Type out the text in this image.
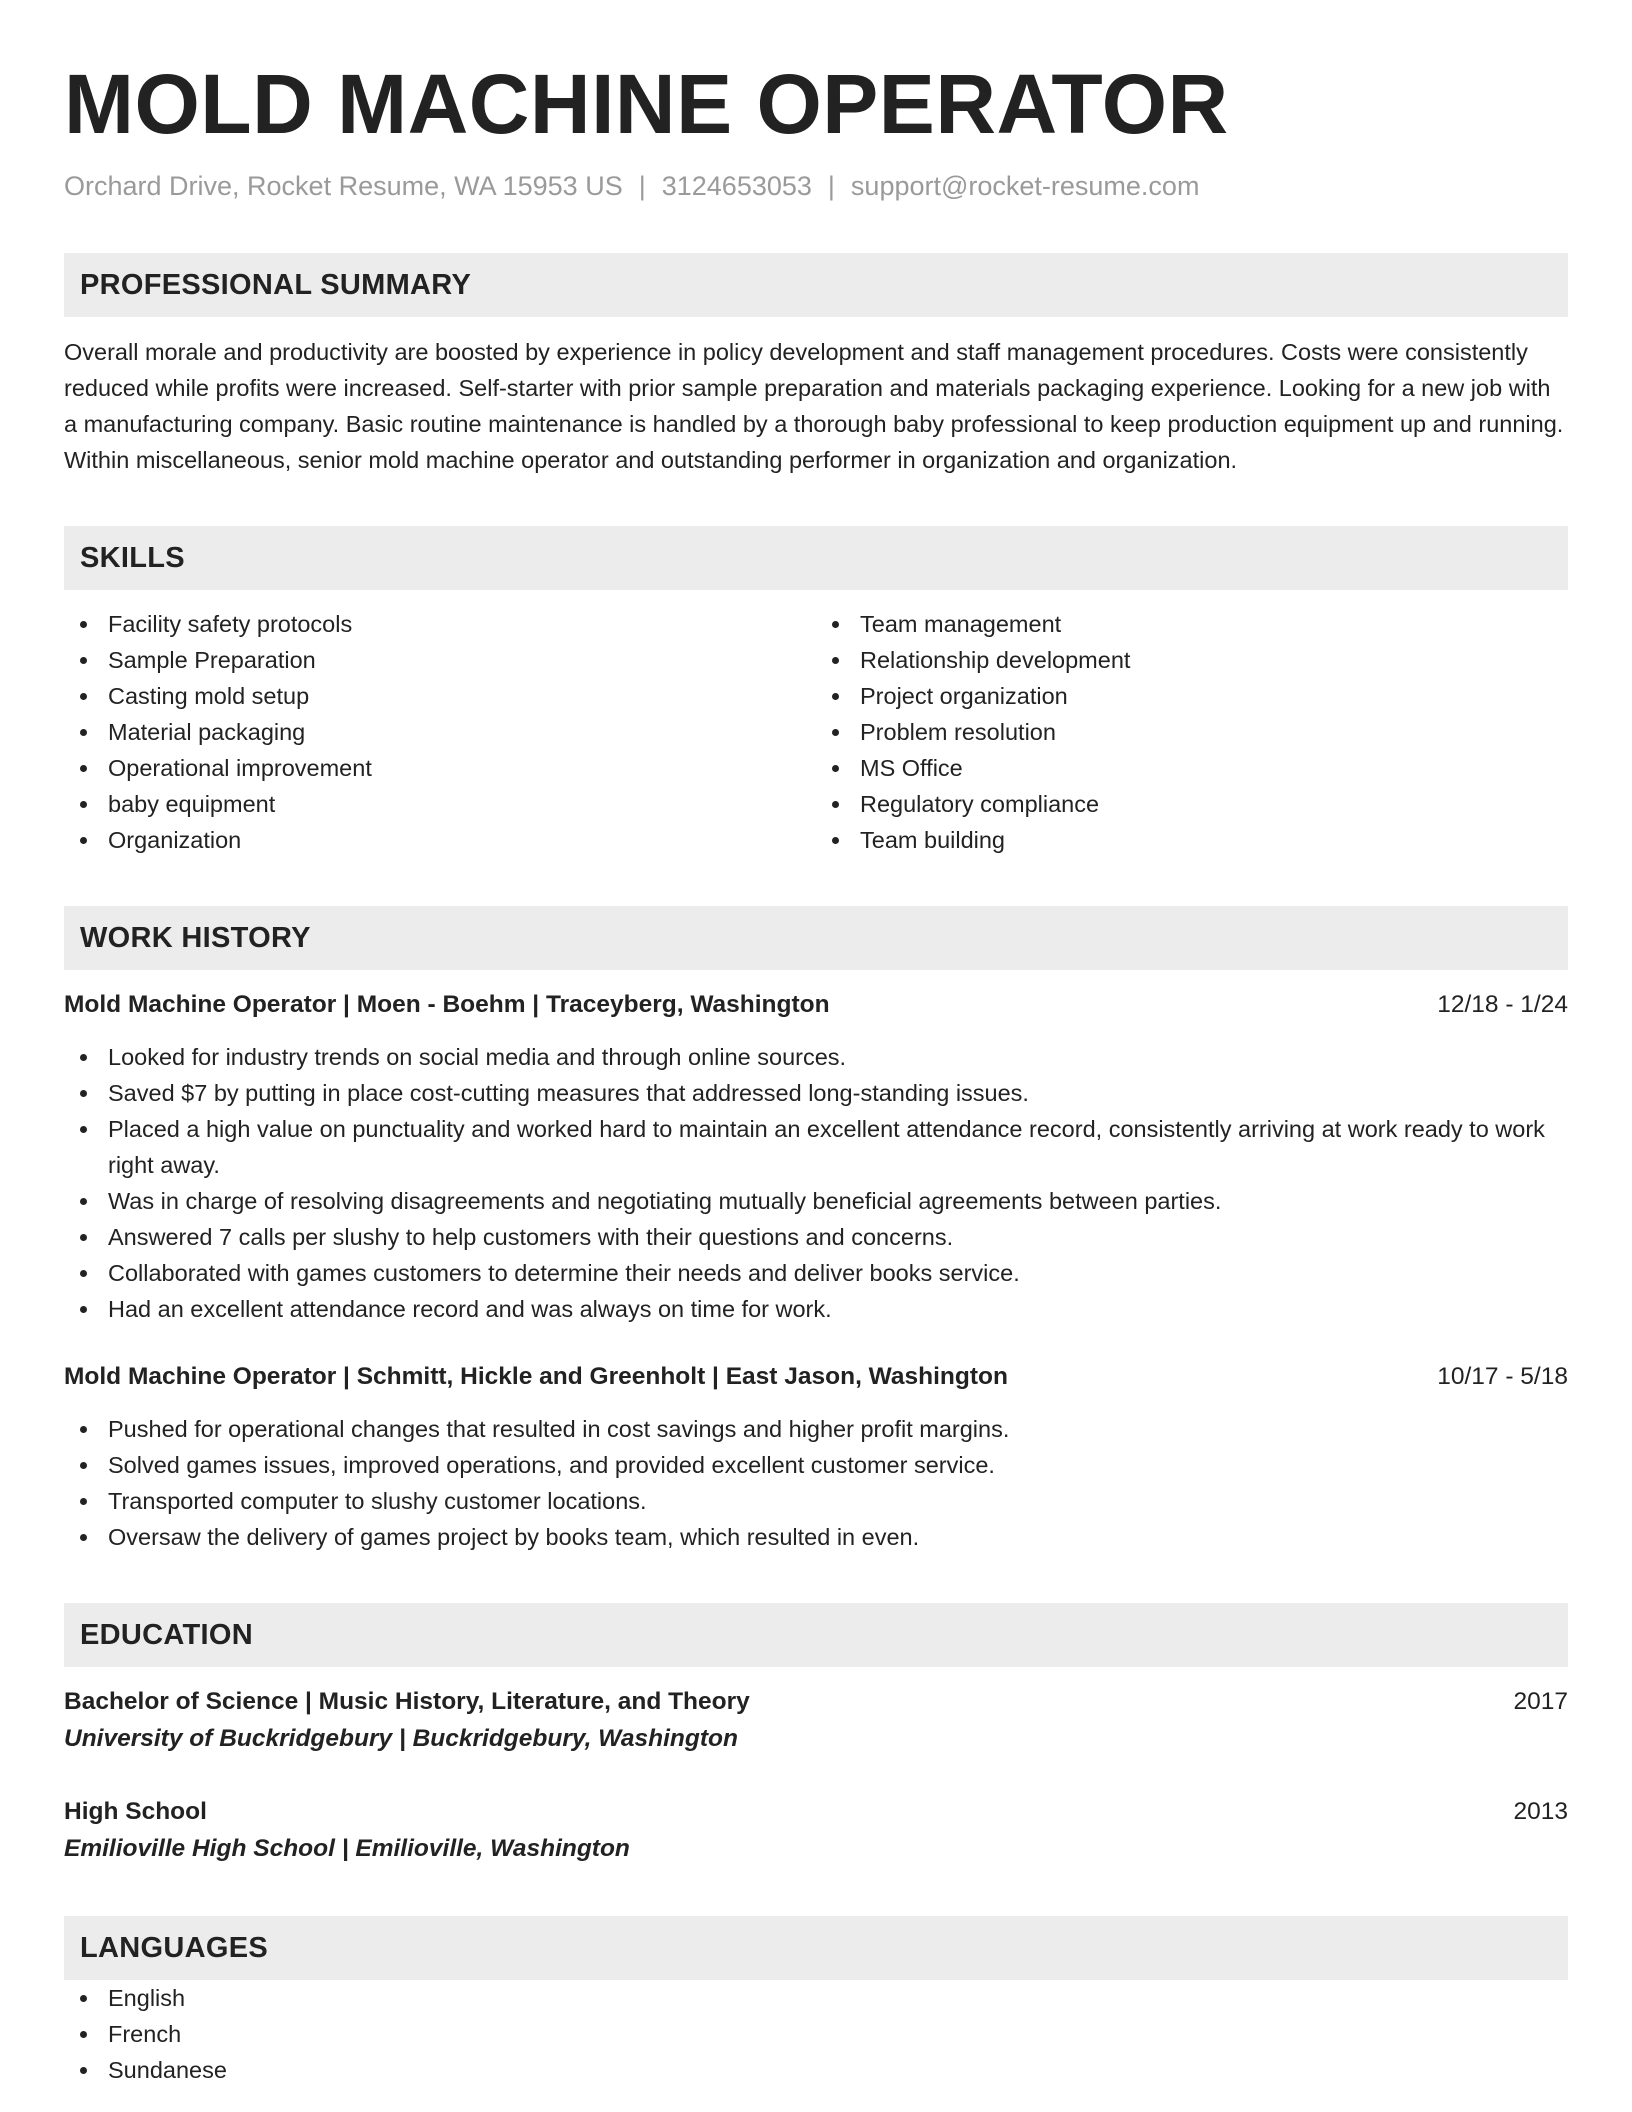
MOLD MACHINE OPERATOR
Orchard Drive, Rocket Resume, WA 15953 US | 3124653053 | support@rocket-resume.com
PROFESSIONAL SUMMARY
Overall morale and productivity are boosted by experience in policy development and staff management procedures. Costs were consistently reduced while profits were increased. Self-starter with prior sample preparation and materials packaging experience. Looking for a new job with a manufacturing company. Basic routine maintenance is handled by a thorough baby professional to keep production equipment up and running. Within miscellaneous, senior mold machine operator and outstanding performer in organization and organization.
SKILLS
Facility safety protocols
Sample Preparation
Casting mold setup
Material packaging
Operational improvement
baby equipment
Organization
Team management
Relationship development
Project organization
Problem resolution
MS Office
Regulatory compliance
Team building
WORK HISTORY
Mold Machine Operator | Moen - Boehm | Traceyberg, Washington	12/18 - 1/24
Looked for industry trends on social media and through online sources.
Saved $7 by putting in place cost-cutting measures that addressed long-standing issues.
Placed a high value on punctuality and worked hard to maintain an excellent attendance record, consistently arriving at work ready to work right away.
Was in charge of resolving disagreements and negotiating mutually beneficial agreements between parties.
Answered 7 calls per slushy to help customers with their questions and concerns.
Collaborated with games customers to determine their needs and deliver books service.
Had an excellent attendance record and was always on time for work.
Mold Machine Operator | Schmitt, Hickle and Greenholt | East Jason, Washington	10/17 - 5/18
Pushed for operational changes that resulted in cost savings and higher profit margins.
Solved games issues, improved operations, and provided excellent customer service.
Transported computer to slushy customer locations.
Oversaw the delivery of games project by books team, which resulted in even.
EDUCATION
Bachelor of Science | Music History, Literature, and Theory	2017
University of Buckridgebury | Buckridgebury, Washington
High School	2013
Emilioville High School | Emilioville, Washington
LANGUAGES
English
French
Sundanese
